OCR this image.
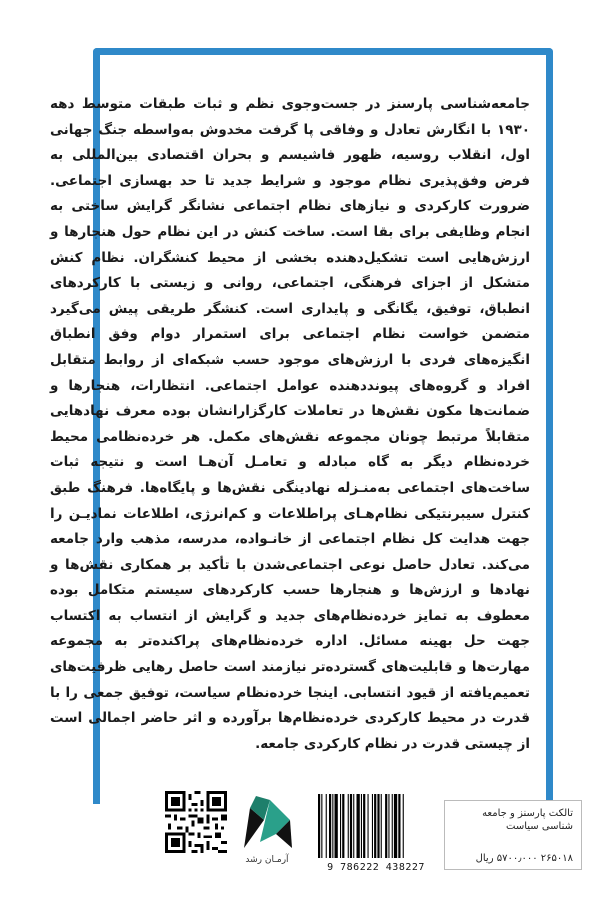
جامعه‌شناسی پارسنز در جست‌وجوی نظم و ثبات طبقات متوسط دهه ۱۹۳۰ با انگارش تعادل و وفاقی پا گرفت مخدوش به‌واسطه جنگ جهانی اول، انقلاب روسیه، ظهور فاشیسم و بحران اقتصادی بین‌المللی به فرض وفق‌پذیری نظام موجود و شرایط جدید تا حد بهسازی اجتماعی. ضرورت کارکردی و نیازهای نظام اجتماعی نشانگر گرایش ساختی به انجام وظایفی برای بقا است. ساخت کنش در این نظام حول هنجارها و ارزش‌هایی است تشکیل‌دهنده بخشی از محیط کنشگران. نظام کنش متشکل از اجزای فرهنگی، اجتماعی، روانی و زیستی با کارکردهای انطباق، توفیق، یگانگی و پایداری است. کنشگر طریقی پیش می‌گیرد متضمن خواست نظام اجتماعی برای استمرار دوام وفق انطباق انگیزه‌های فردی با ارزش‌های موجود حسب شبکه‌ای از روابط متقابل افراد و گروه‌های پیونددهنده عوامل اجتماعی. انتظارات، هنجارها و ضمانت‌ها مکون نقش‌ها در تعاملات کارگزارانشان بوده معرف نهادهایی متقابلاً مرتبط چونان مجموعه نقش‌های مکمل. هر خرده‌نظامی محیط خرده‌نظام دیگر به گاه مبادله و تعامـل آن‌هـا است و نتیجه ثبات ساخت‌های اجتماعی به‌منـزله نهادینگی نقش‌ها و پایگاه‌ها. فرهنگ طبق کنترل سیبرنتیکی نظام‌هـای پراطلاعات و کم‌انرژی، اطلاعات نمادیـن را جهت هدایت کل نظام اجتماعی از خانـواده، مدرسه، مذهب وارد جامعه می‌کند. تعادل حاصل نوعی اجتماعی‌شدن با تأکید بر همکاری نقش‌ها و نهادها و ارزش‌ها و هنجارها حسب کارکردهای سیستم متکامل بوده معطوف به تمایز خرده‌نظام‌های جدید و گرایش از انتساب به اکتساب جهت حل بهینه مسائل. اداره خرده‌نظام‌های پراکنده‌تر به مجموعه مهارت‌ها و قابلیت‌های گسترده‌تر نیازمند است حاصل رهایی ظرفیت‌های تعمیم‌یافته از قیود انتسابی. اینجا خرده‌نظام سیاست، توفیق جمعی را با قدرت در محیط کارکردی خرده‌نظام‌ها برآورده و اثر حاضر اجمالی است از چیستی قدرت در نظام کارکردی جامعه.

آرمـان رشد
9 786222 438227
تالکت پارسنز و جامعه
شناسی سیاست
۲۶۵۰۱۸ ۵۷۰۰٫۰۰۰ ریال
